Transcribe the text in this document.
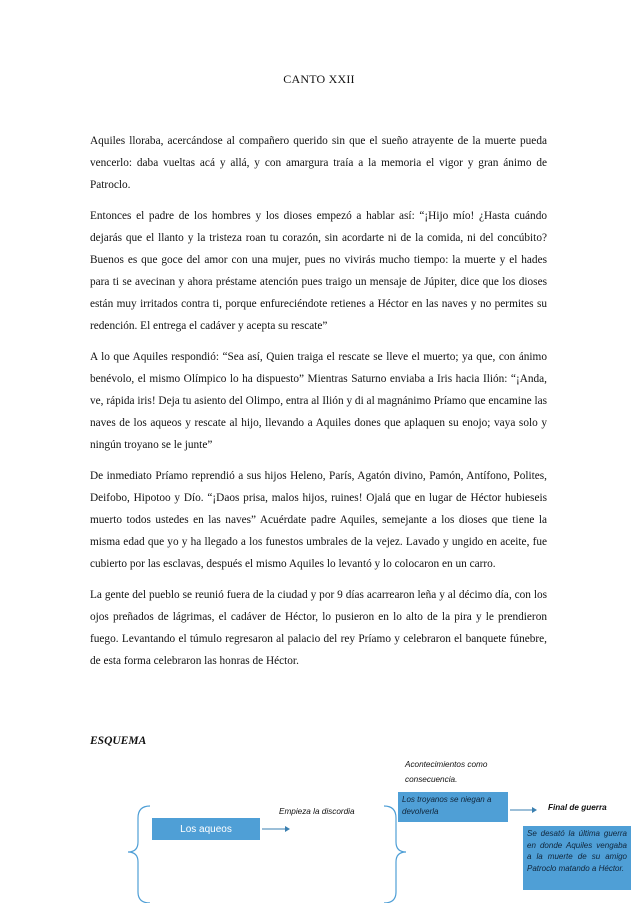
CANTO XXII

Aquiles lloraba, acercándose al compañero querido sin que el sueño atrayente de la muerte pueda vencerlo: daba vueltas acá y allá, y con amargura traía a la memoria el vigor y gran ánimo de Patroclo.

Entonces el padre de los hombres y los dioses empezó a hablar así: “¡Hijo mío! ¿Hasta cuándo dejarás que el llanto y la tristeza roan tu corazón, sin acordarte ni de la comida, ni del concúbito? Buenos es que goce del amor con una mujer, pues no vivirás mucho tiempo: la muerte y el hades para ti se avecinan y ahora préstame atención pues traigo un mensaje de Júpiter, dice que los dioses están muy irritados contra ti, porque enfureciéndote retienes a Héctor en las naves y no permites su redención. El entrega el cadáver y acepta su rescate”

A lo que Aquiles respondió: “Sea así, Quien traiga el rescate se lleve el muerto; ya que, con ánimo benévolo, el mismo Olímpico lo ha dispuesto” Mientras Saturno enviaba a Iris hacia Ilión: “¡Anda, ve, rápida iris! Deja tu asiento del Olimpo, entra al Ilión y di al magnánimo Príamo que encamine las naves de los aqueos y rescate al hijo, llevando a Aquiles dones que aplaquen su enojo; vaya solo y ningún troyano se le junte”

De inmediato Príamo reprendió a sus hijos Heleno, París, Agatón divino, Pamón, Antífono, Polites, Deifobo, Hipotoo y Dío. “¡Daos prisa, malos hijos, ruines! Ojalá que en lugar de Héctor hubieseis muerto todos ustedes en las naves” Acuérdate padre Aquiles, semejante a los dioses que tiene la misma edad que yo y ha llegado a los funestos umbrales de la vejez. Lavado y ungido en aceite, fue cubierto por las esclavas, después el mismo Aquiles lo levantó y lo colocaron en un carro.

La gente del pueblo se reunió fuera de la ciudad y por 9 días acarrearon leña y al décimo día, con los ojos preñados de lágrimas, el cadáver de Héctor, lo pusieron en lo alto de la pira y le prendieron fuego. Levantando el túmulo regresaron al palacio del rey Príamo y celebraron el banquete fúnebre, de esta forma celebraron las honras de Héctor.

ESQUEMA
Acontecimientos como consecuencia.
Empieza la discordia	Final de guerra
Los aqueos
Los troyanos se niegan a devolverla
Se desató la última guerra en donde Aquiles vengaba a la muerte de su amigo Patroclo matando a Héctor.
